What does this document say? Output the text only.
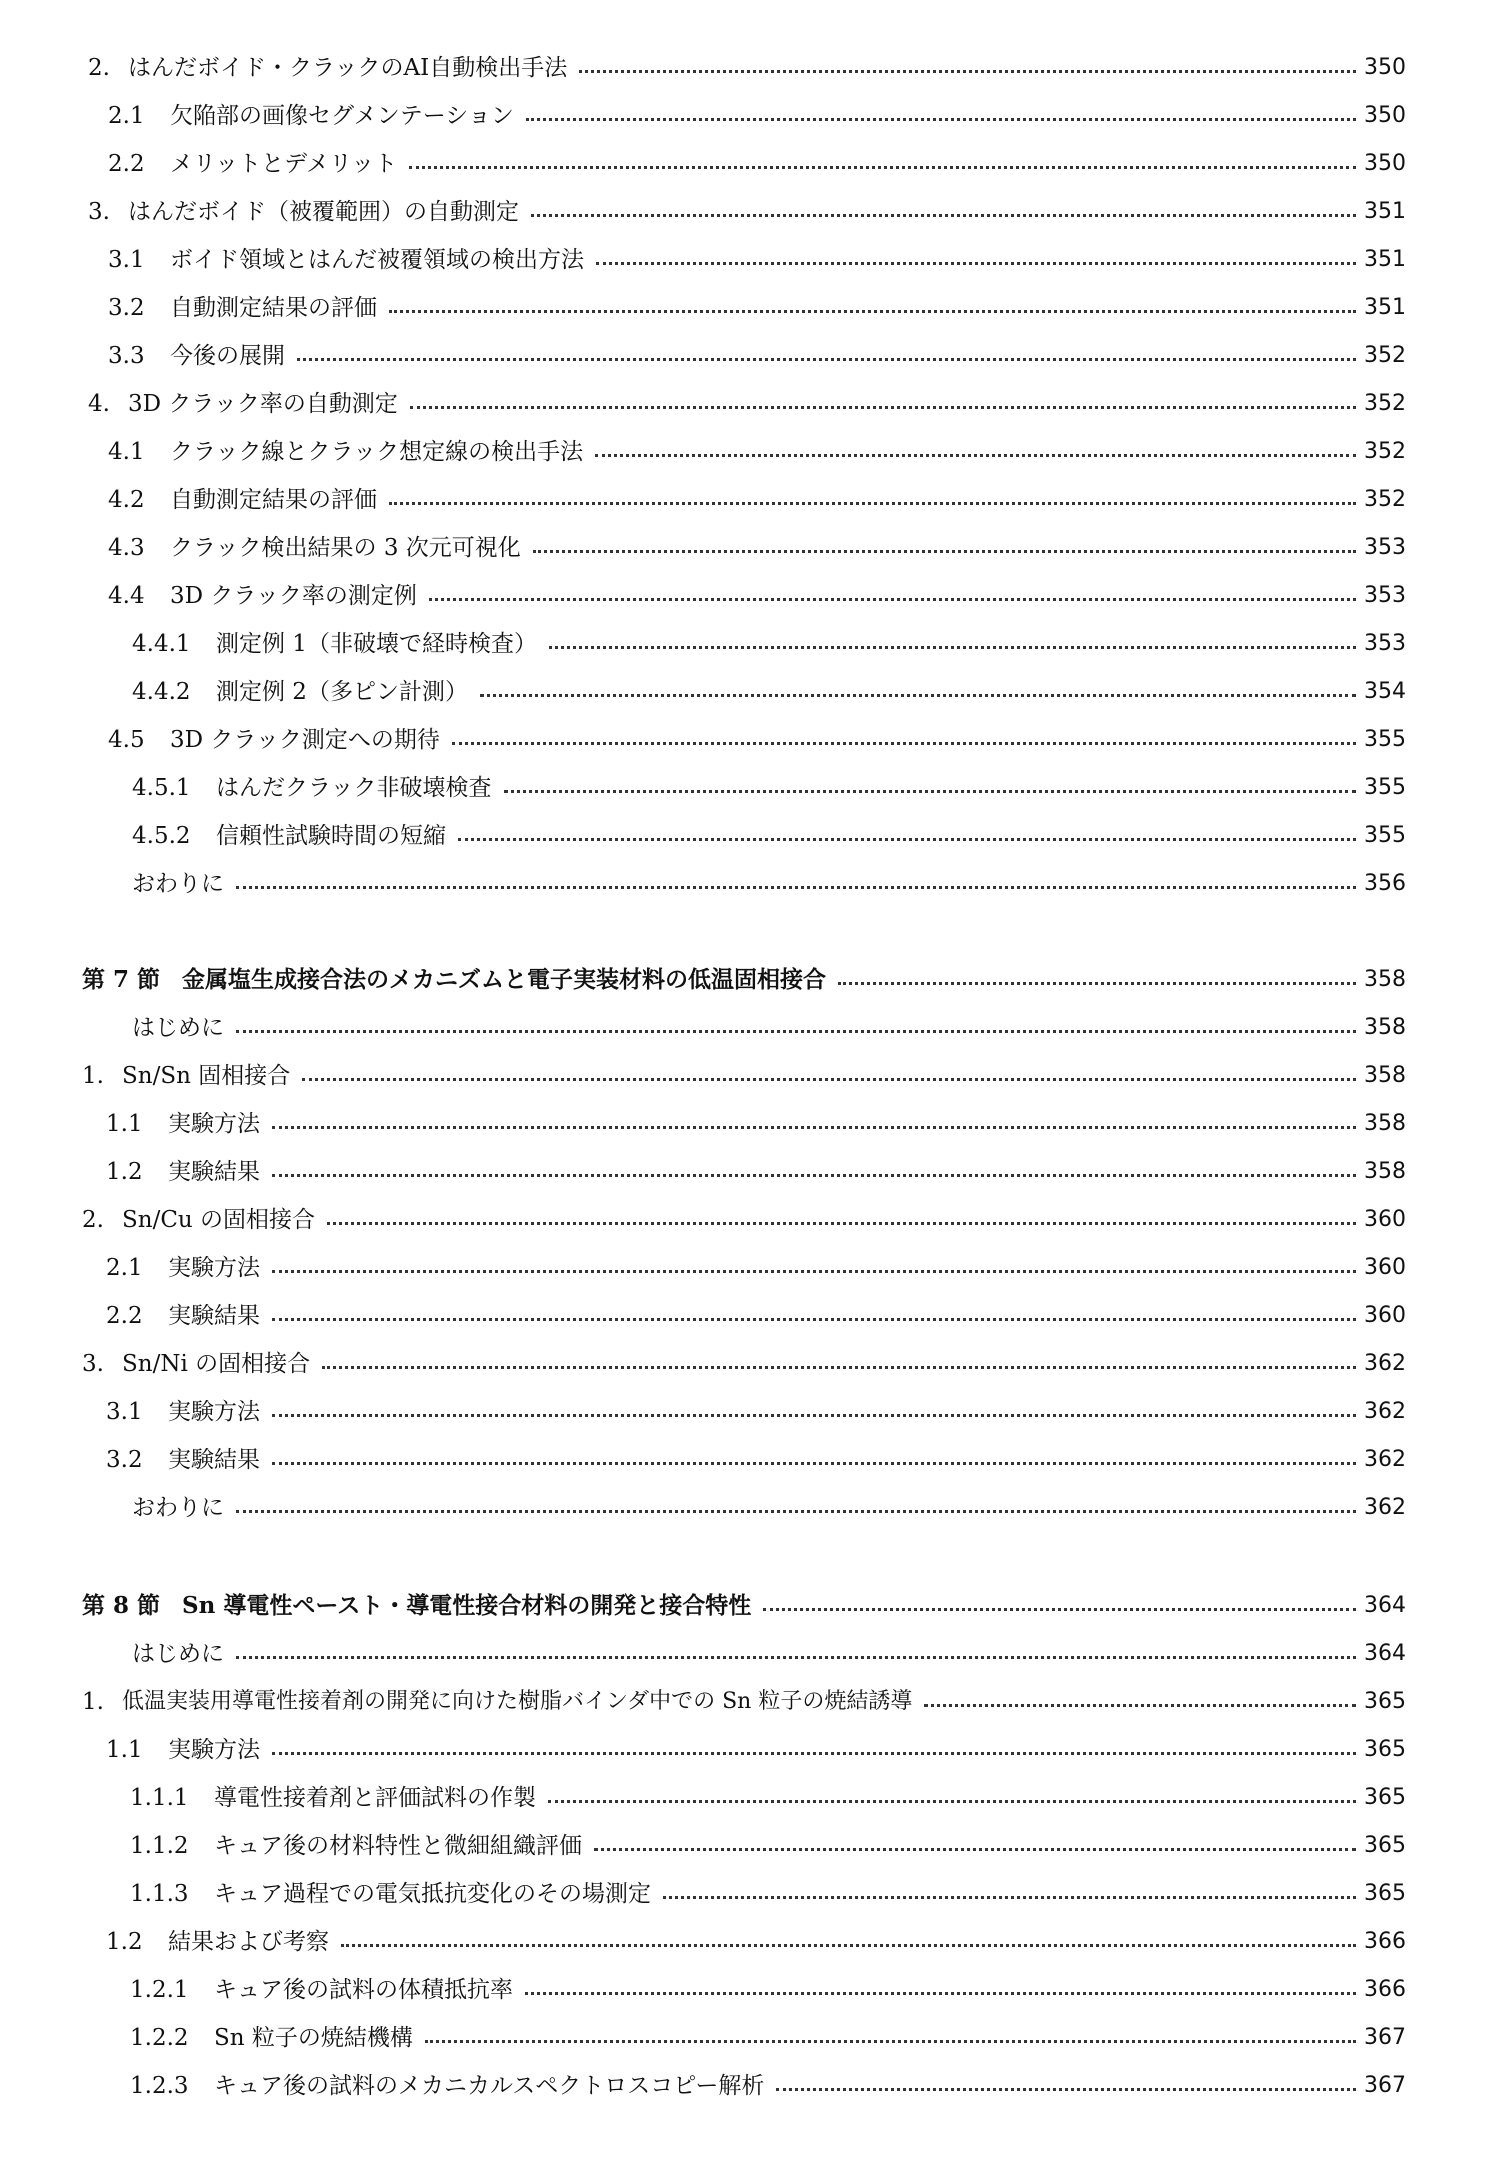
2. はんだボイド・クラックのAI自動検出手法	350
2.1	欠陥部の画像セグメンテーション	350
2.2	メリットとデメリット	350
3. はんだボイド（被覆範囲）の自動測定	351
3.1	ボイド領域とはんだ被覆領域の検出方法	351
3.2	自動測定結果の評価	351
3.3	今後の展開	352
4. 3D クラック率の自動測定	352
4.1	クラック線とクラック想定線の検出手法	352
4.2	自動測定結果の評価	352
4.3	クラック検出結果の 3 次元可視化	353
4.4	3D クラック率の測定例	353
4.4.1	測定例 1（非破壊で経時検査）	353
4.4.2	測定例 2（多ピン計測）	354
4.5	3D クラック測定への期待	355
4.5.1	はんだクラック非破壊検査	355
4.5.2	信頼性試験時間の短縮	355
おわりに	356
第 7 節 金属塩生成接合法のメカニズムと電子実装材料の低温固相接合	358
はじめに	358
1. Sn/Sn 固相接合	358
1.1	実験方法	358
1.2	実験結果	358
2. Sn/Cu の固相接合	360
2.1	実験方法	360
2.2	実験結果	360
3. Sn/Ni の固相接合	362
3.1	実験方法	362
3.2	実験結果	362
おわりに	362
第 8 節 Sn 導電性ペースト・導電性接合材料の開発と接合特性	364
はじめに	364
1. 低温実装用導電性接着剤の開発に向けた樹脂バインダ中での Sn 粒子の焼結誘導	365
1.1	実験方法	365
1.1.1	導電性接着剤と評価試料の作製	365
1.1.2	キュア後の材料特性と微細組織評価	365
1.1.3	キュア過程での電気抵抗変化のその場測定	365
1.2	結果および考察	366
1.2.1	キュア後の試料の体積抵抗率	366
1.2.2	Sn 粒子の焼結機構	367
1.2.3	キュア後の試料のメカニカルスペクトロスコピー解析	367
